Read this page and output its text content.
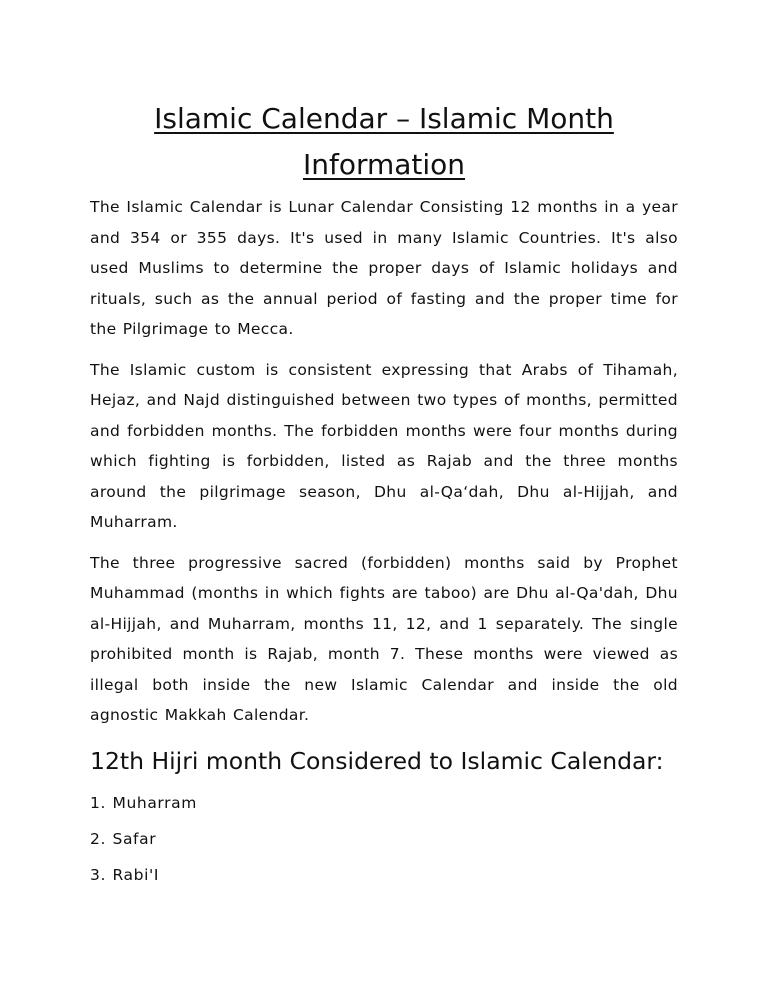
Islamic Calendar – Islamic Month Information

The Islamic Calendar is Lunar Calendar Consisting 12 months in a year and 354 or 355 days. It's used in many Islamic Countries. It's also used Muslims to determine the proper days of Islamic holidays and rituals, such as the annual period of fasting and the proper time for the Pilgrimage to Mecca.

The Islamic custom is consistent expressing that Arabs of Tihamah, Hejaz, and Najd distinguished between two types of months, permitted and forbidden months. The forbidden months were four months during which fighting is forbidden, listed as Rajab and the three months around the pilgrimage season, Dhu al-Qa‘dah, Dhu al-Hijjah, and Muharram.

The three progressive sacred (forbidden) months said by Prophet Muhammad (months in which fights are taboo) are Dhu al-Qa'dah, Dhu al-Hijjah, and Muharram, months 11, 12, and 1 separately. The single prohibited month is Rajab, month 7. These months were viewed as illegal both inside the new Islamic Calendar and inside the old agnostic Makkah Calendar.

12th Hijri month Considered to Islamic Calendar:
1. Muharram
2. Safar
3. Rabi'I
